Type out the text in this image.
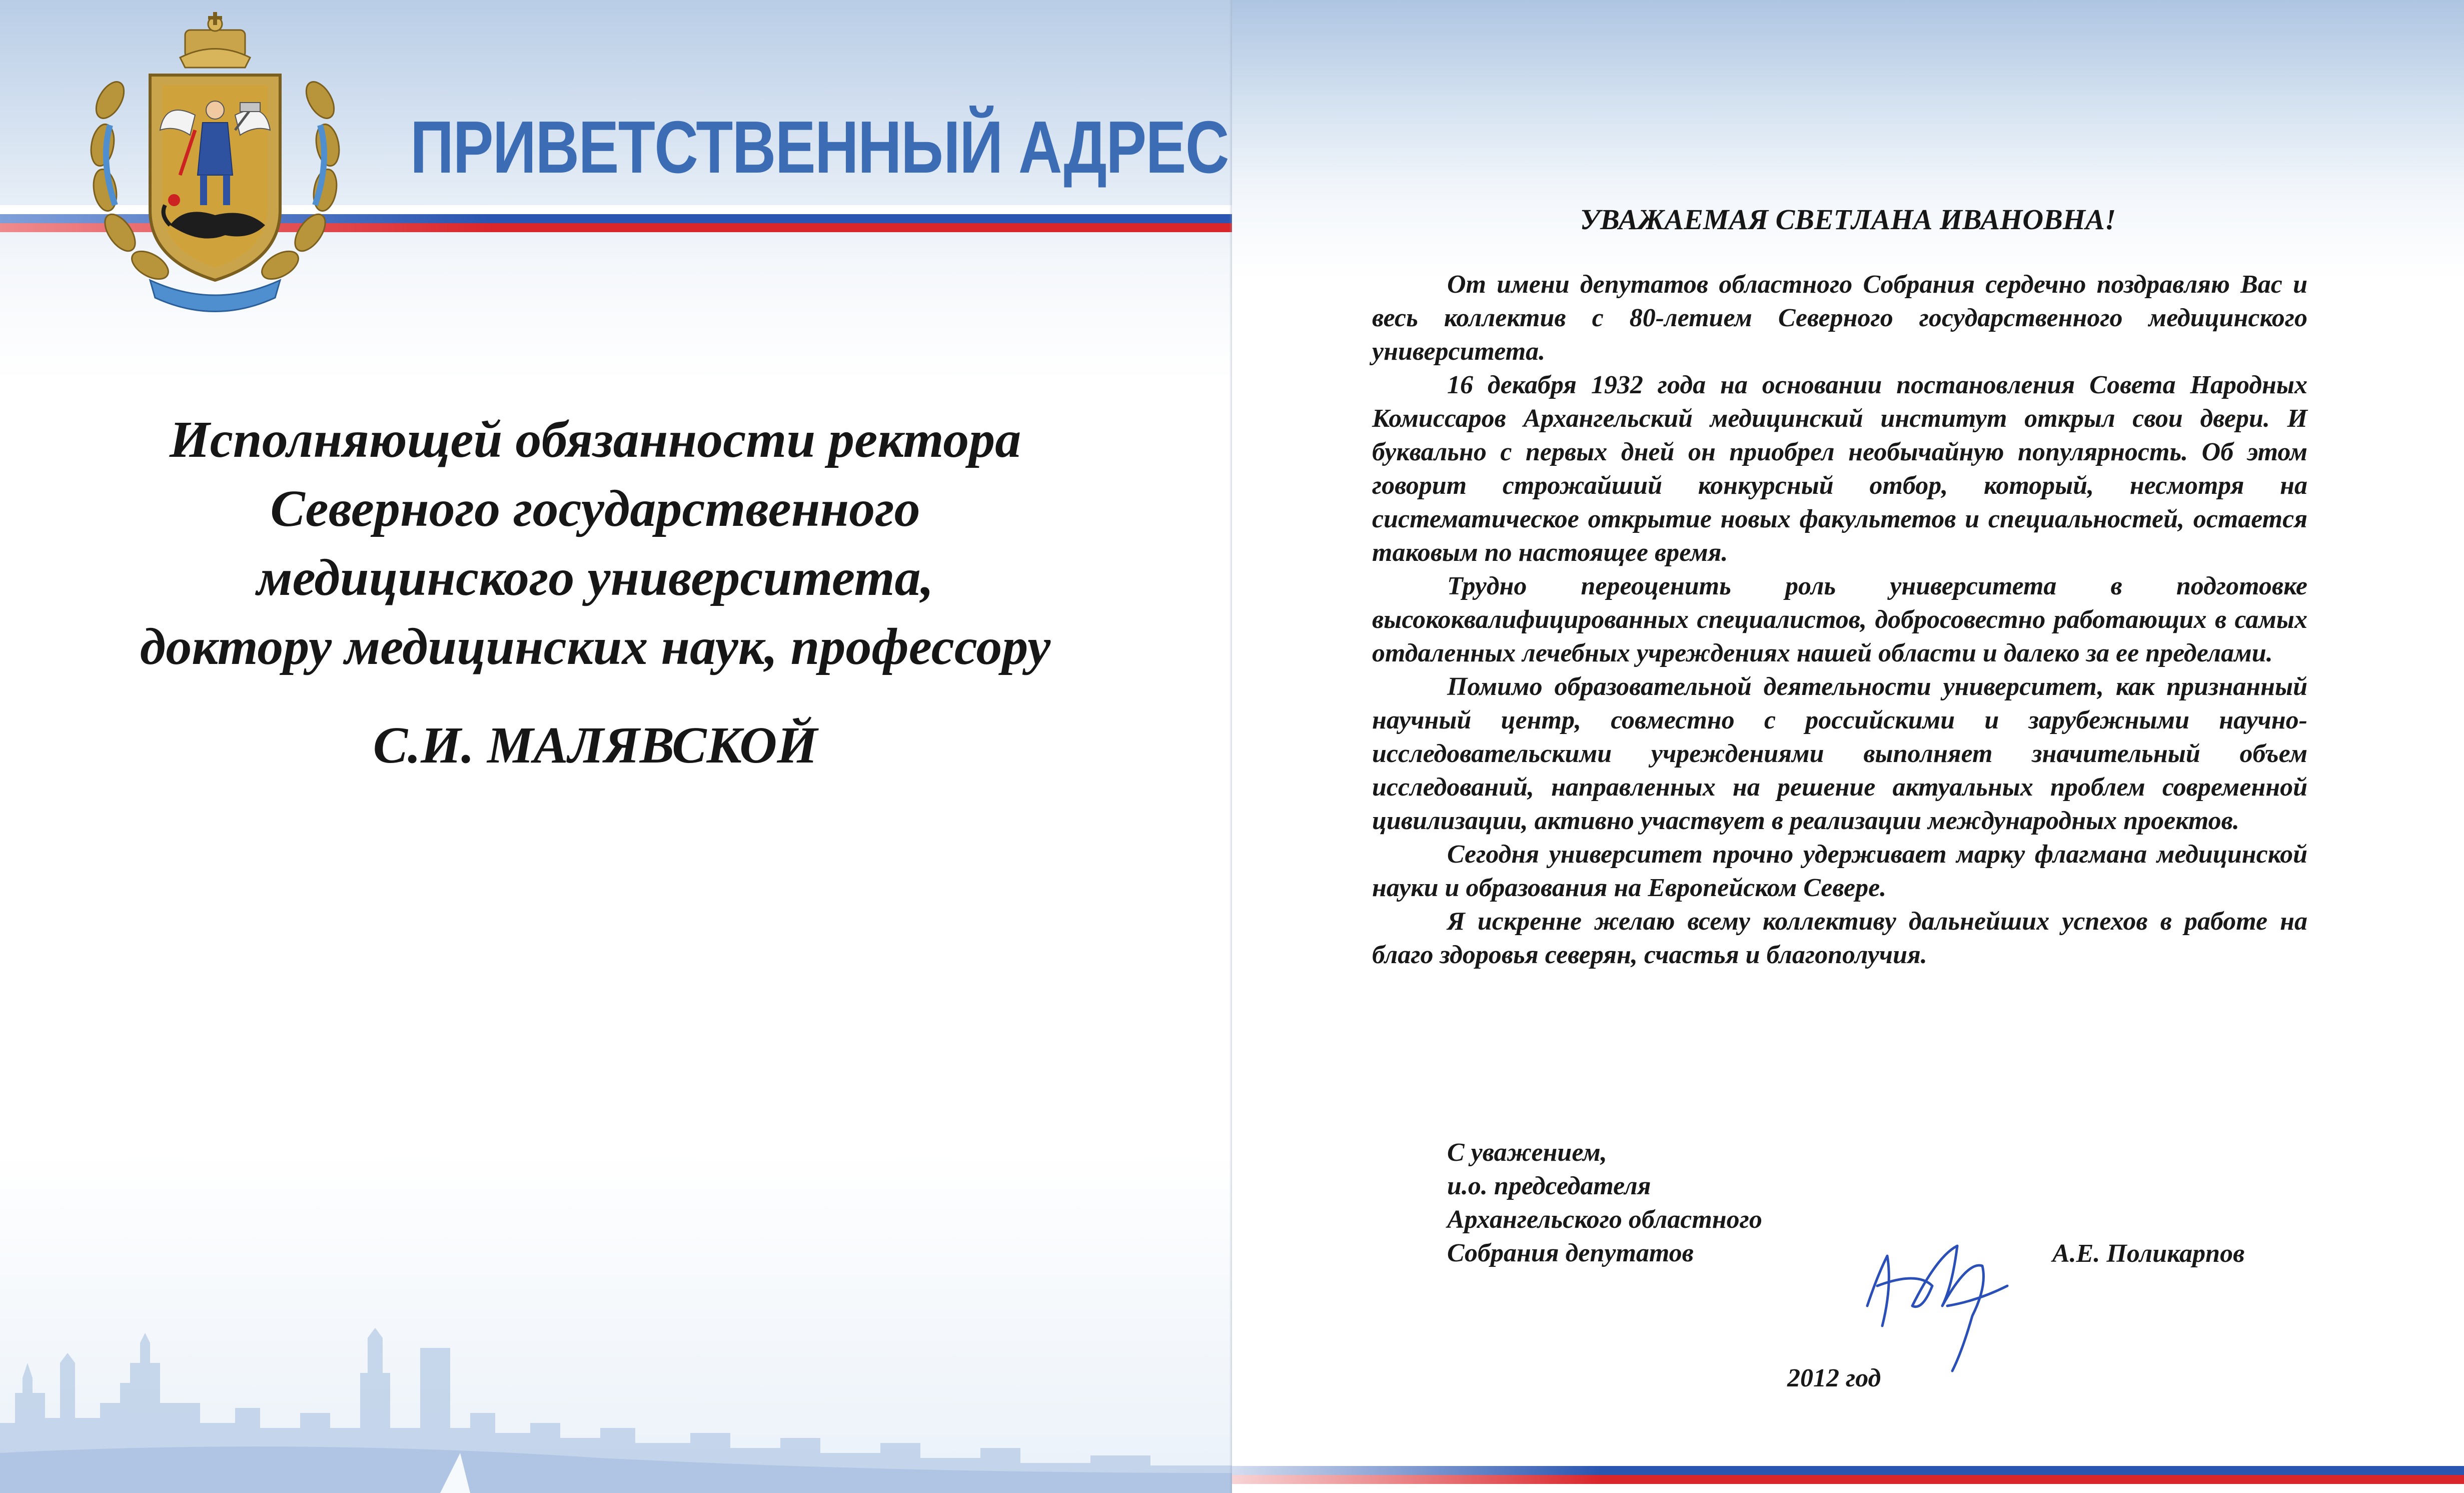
ПРИВЕТСТВЕННЫЙ АДРЕС
Исполняющей обязанности ректора
Северного государственного
медицинского университета,
доктору медицинских наук, профессору
С.И. МАЛЯВСКОЙ
УВАЖАЕМАЯ СВЕТЛАНА ИВАНОВНА!

От имени депутатов областного Собрания сердечно поздравляю Вас и весь коллектив с 80-летием Северного государственного медицинского университета.

16 декабря 1932 года на основании постановления Совета Народных Комиссаров Архангельский медицинский институт открыл свои двери. И буквально с первых дней он приобрел необычайную популярность. Об этом говорит строжайший конкурсный отбор, который, несмотря на систематическое открытие новых факультетов и специальностей, остается таковым по настоящее время.

Трудно переоценить роль университета в подготовке высококвалифицированных специалистов, добросовестно работающих в самых отдаленных лечебных учреждениях нашей области и далеко за ее пределами.

Помимо образовательной деятельности университет, как признанный научный центр, совместно с российскими и зарубежными научно-исследовательскими учреждениями выполняет значительный объем исследований, направленных на решение актуальных проблем современной цивилизации, активно участвует в реализации международных проектов.

Сегодня университет прочно удерживает марку флагмана медицинской науки и образования на Европейском Севере.

Я искренне желаю всему коллективу дальнейших успехов в работе на благо здоровья северян, счастья и благополучия.

С уважением,
и.о. председателя
Архангельского областного
Собрания депутатов	А.Е. Поликарпов
2012 год
